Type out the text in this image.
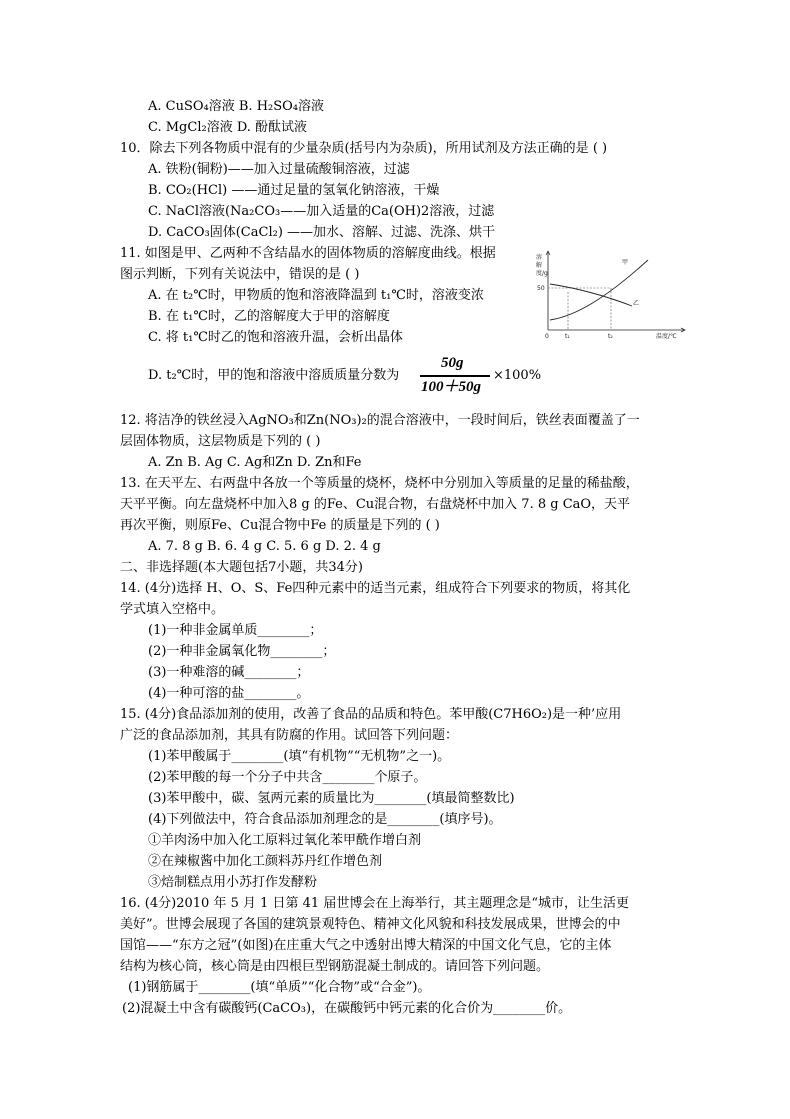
A. CuSO₄溶液 B. H₂SO₄溶液
C. MgCl₂溶液 D. 酚酞试液
10．除去下列各物质中混有的少量杂质(括号内为杂质)，所用试剂及方法正确的是 ( )
A. 铁粉(铜粉)——加入过量硫酸铜溶液，过滤
B. CO₂(HCl) ——通过足量的氢氧化钠溶液，干燥
C. NaCl溶液(Na₂CO₃——加入适量的Ca(OH)2溶液，过滤
D. CaCO₃固体(CaCl₂) ——加水、溶解、过滤、洗涤、烘干
11. 如图是甲、乙两种不含结晶水的固体物质的溶解度曲线。根据
图示判断，下列有关说法中，错误的是 ( )
A. 在 t₂℃时，甲物质的饱和溶液降温到 t₁℃时，溶液变浓
B. 在 t₁℃时，乙的溶解度大于甲的溶解度
C. 将 t₁℃时乙的饱和溶液升温，会析出晶体
D. t₂℃时，甲的饱和溶液中溶质质量分数为
50g
100＋50g
×100%
溶
解
度/g
50
0
甲
乙
t₁	t₂	温度/℃
12. 将洁净的铁丝浸入AgNO₃和Zn(NO₃)₂的混合溶液中，一段时间后，铁丝表面覆盖了一
层固体物质，这层物质是下列的 ( )
A. Zn B. Ag C. Ag和Zn D. Zn和Fe
13. 在天平左、右两盘中各放一个等质量的烧杯，烧杯中分别加入等质量的足量的稀盐酸，
天平平衡。向左盘烧杯中加入8 g 的Fe、Cu混合物，右盘烧杯中加入 7. 8 g CaO，天平
再次平衡，则原Fe、Cu混合物中Fe 的质量是下列的 ( )
A. 7. 8 g B. 6. 4 g C. 5. 6 g D. 2. 4 g
二、非选择题(本大题包括7小题，共34分)
14. (4分)选择 H、O、S、Fe四种元素中的适当元素，组成符合下列要求的物质，将其化
学式填入空格中。
(1)一种非金属单质________；
(2)一种非金属氧化物________；
(3)一种难溶的碱________；
(4)一种可溶的盐________。
15. (4分)食品添加剂的使用，改善了食品的品质和特色。苯甲酸(C7H6O₂)是一种’应用
广泛的食品添加剂，其具有防腐的作用。试回答下列问题：
(1)苯甲酸属于________(填“有机物”“无机物”之一)。
(2)苯甲酸的每一个分子中共含________个原子。
(3)苯甲酸中，碳、氢两元素的质量比为________(填最简整数比)
(4)下列做法中，符合食品添加剂理念的是________(填序号)。
①羊肉汤中加入化工原料过氧化苯甲酰作增白剂
②在辣椒酱中加化工颜料苏丹红作增色剂
③焙制糕点用小苏打作发酵粉
16. (4分)2010 年 5 月 1 日第 41 届世博会在上海举行，其主题理念是“城市，让生活更
美好”。世博会展现了各国的建筑景观特色、精神文化风貌和科技发展成果，世博会的中
国馆——“东方之冠”(如图)在庄重大气之中透射出博大精深的中国文化气息，它的主体
结构为核心筒，核心筒是由四根巨型钢筋混凝土制成的。请回答下列问题。
(1)钢筋属于________(填“单质”“化合物”或“合金”)。
(2)混凝土中含有碳酸钙(CaCO₃)，在碳酸钙中钙元素的化合价为________价。
